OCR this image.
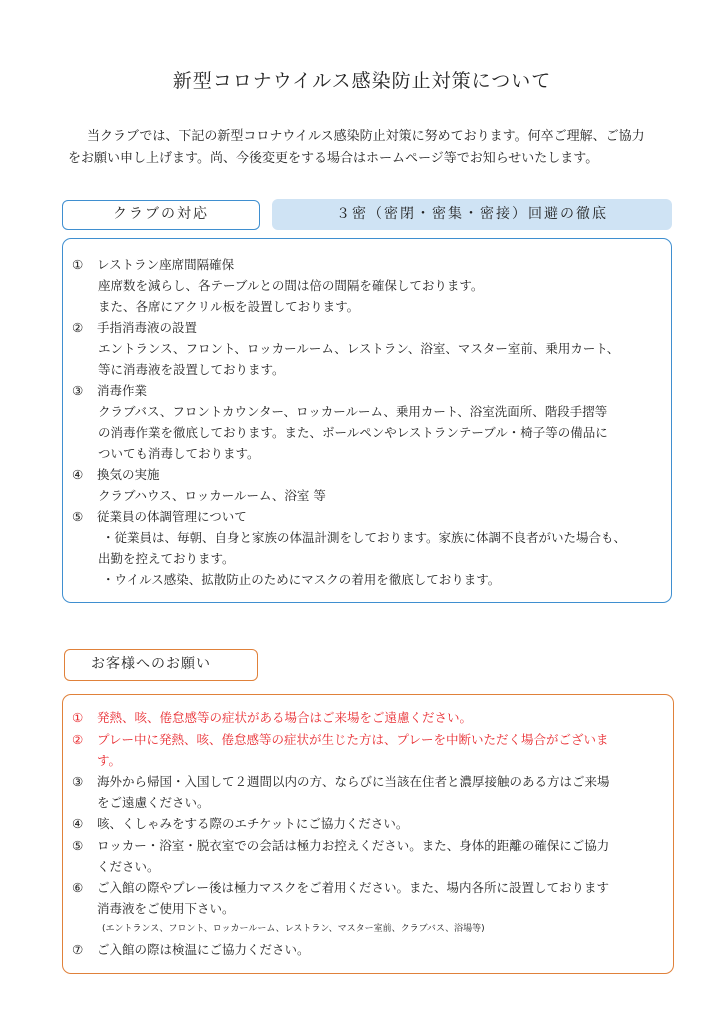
新型コロナウイルス感染防止対策について
当クラブでは、下記の新型コロナウイルス感染防止対策に努めております。何卒ご理解、ご協力
をお願い申し上げます。尚、今後変更をする場合はホームページ等でお知らせいたします。
クラブの対応	３密（密閉・密集・密接）回避の徹底
① レストラン座席間隔確保
座席数を減らし、各テーブルとの間は倍の間隔を確保しております。
また、各席にアクリル板を設置しております。
② 手指消毒液の設置
エントランス、フロント、ロッカールーム、レストラン、浴室、マスター室前、乗用カート、
等に消毒液を設置しております。
③ 消毒作業
クラブバス、フロントカウンター、ロッカールーム、乗用カート、浴室洗面所、階段手摺等
の消毒作業を徹底しております。また、ボールペンやレストランテーブル・椅子等の備品に
ついても消毒しております。
④ 換気の実施
クラブハウス、ロッカールーム、浴室 等
⑤ 従業員の体調管理について
・従業員は、毎朝、自身と家族の体温計測をしております。家族に体調不良者がいた場合も、
出勤を控えております。
・ウイルス感染、拡散防止のためにマスクの着用を徹底しております。
お客様へのお願い
① 発熱、咳、倦怠感等の症状がある場合はご来場をご遠慮ください。
② プレー中に発熱、咳、倦怠感等の症状が生じた方は、プレーを中断いただく場合がございま
す。
③ 海外から帰国・入国して２週間以内の方、ならびに当該在住者と濃厚接触のある方はご来場
をご遠慮ください。
④ 咳、くしゃみをする際のエチケットにご協力ください。
⑤ ロッカー・浴室・脱衣室での会話は極力お控えください。また、身体的距離の確保にご協力
ください。
⑥ ご入館の際やプレー後は極力マスクをご着用ください。また、場内各所に設置しております
消毒液をご使用下さい。
(エントランス、フロント、ロッカールーム、レストラン、マスター室前、クラブバス、浴場等)
⑦ ご入館の際は検温にご協力ください。
